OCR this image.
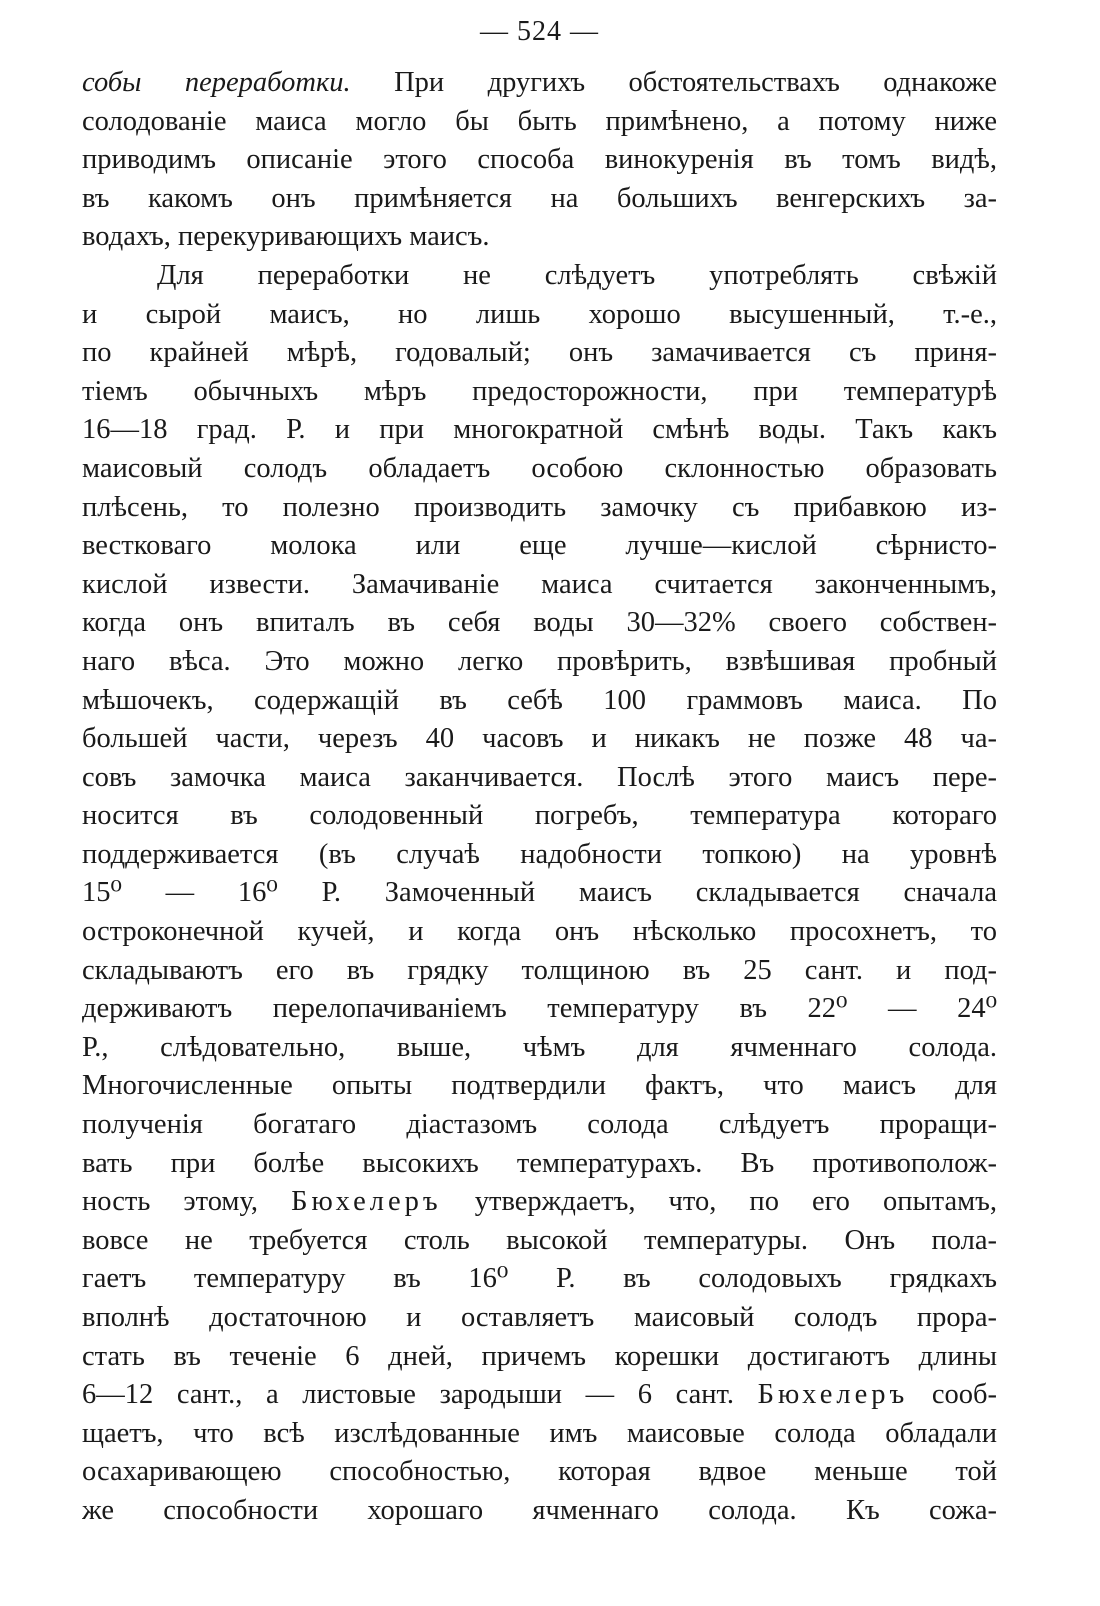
— 524 —
собы переработки. При другихъ обстоятельствахъ однакоже
солодованіе маиса могло бы быть примѣнено, а потому ниже
приводимъ описаніе этого способа винокуренія въ томъ видѣ,
въ какомъ онъ примѣняется на большихъ венгерскихъ за-
водахъ, перекуривающихъ маисъ.
Для переработки не слѣдуетъ употреблять свѣжій
и сырой маисъ, но лишь хорошо высушенный, т.-е.,
по крайней мѣрѣ, годовалый; онъ замачивается съ приня-
тіемъ обычныхъ мѣръ предосторожности, при температурѣ
16—18 град. Р. и при многократной смѣнѣ воды. Такъ какъ
маисовый солодъ обладаетъ особою склонностью образовать
плѣсень, то полезно производить замочку съ прибавкою из-
вестковаго молока или еще лучше—кислой сѣрнисто-
кислой извести. Замачиваніе маиса считается законченнымъ,
когда онъ впиталъ въ себя воды 30—32% своего собствен-
наго вѣса. Это можно легко провѣрить, взвѣшивая пробный
мѣшочекъ, содержащій въ себѣ 100 граммовъ маиса. По
большей части, черезъ 40 часовъ и никакъ не позже 48 ча-
совъ замочка маиса заканчивается. Послѣ этого маисъ пере-
носится въ солодовенный погребъ, температура котораго
поддерживается (въ случаѣ надобности топкою) на уровнѣ
15⁰ — 16⁰ Р. Замоченный маисъ складывается сначала
остроконечной кучей, и когда онъ нѣсколько просохнетъ, то
складываютъ его въ грядку толщиною въ 25 сант. и под-
держиваютъ перелопачиваніемъ температуру въ 22⁰ — 24⁰
Р., слѣдовательно, выше, чѣмъ для ячменнаго солода.
Многочисленные опыты подтвердили фактъ, что маисъ для
полученія богатаго діастазомъ солода слѣдуетъ проращи-
вать при болѣе высокихъ температурахъ. Въ противополож-
ность этому, Бюхелеръ утверждаетъ, что, по его опытамъ,
вовсе не требуется столь высокой температуры. Онъ пола-
гаетъ температуру въ 16⁰ Р. въ солодовыхъ грядкахъ
вполнѣ достаточною и оставляетъ маисовый солодъ прора-
стать въ теченіе 6 дней, причемъ корешки достигаютъ длины
6—12 сант., а листовые зародыши — 6 сант. Бюхелеръ сооб-
щаетъ, что всѣ изслѣдованные имъ маисовые солода обладали
осахаривающею способностью, которая вдвое меньше той
же способности хорошаго ячменнаго солода. Къ сожа-
